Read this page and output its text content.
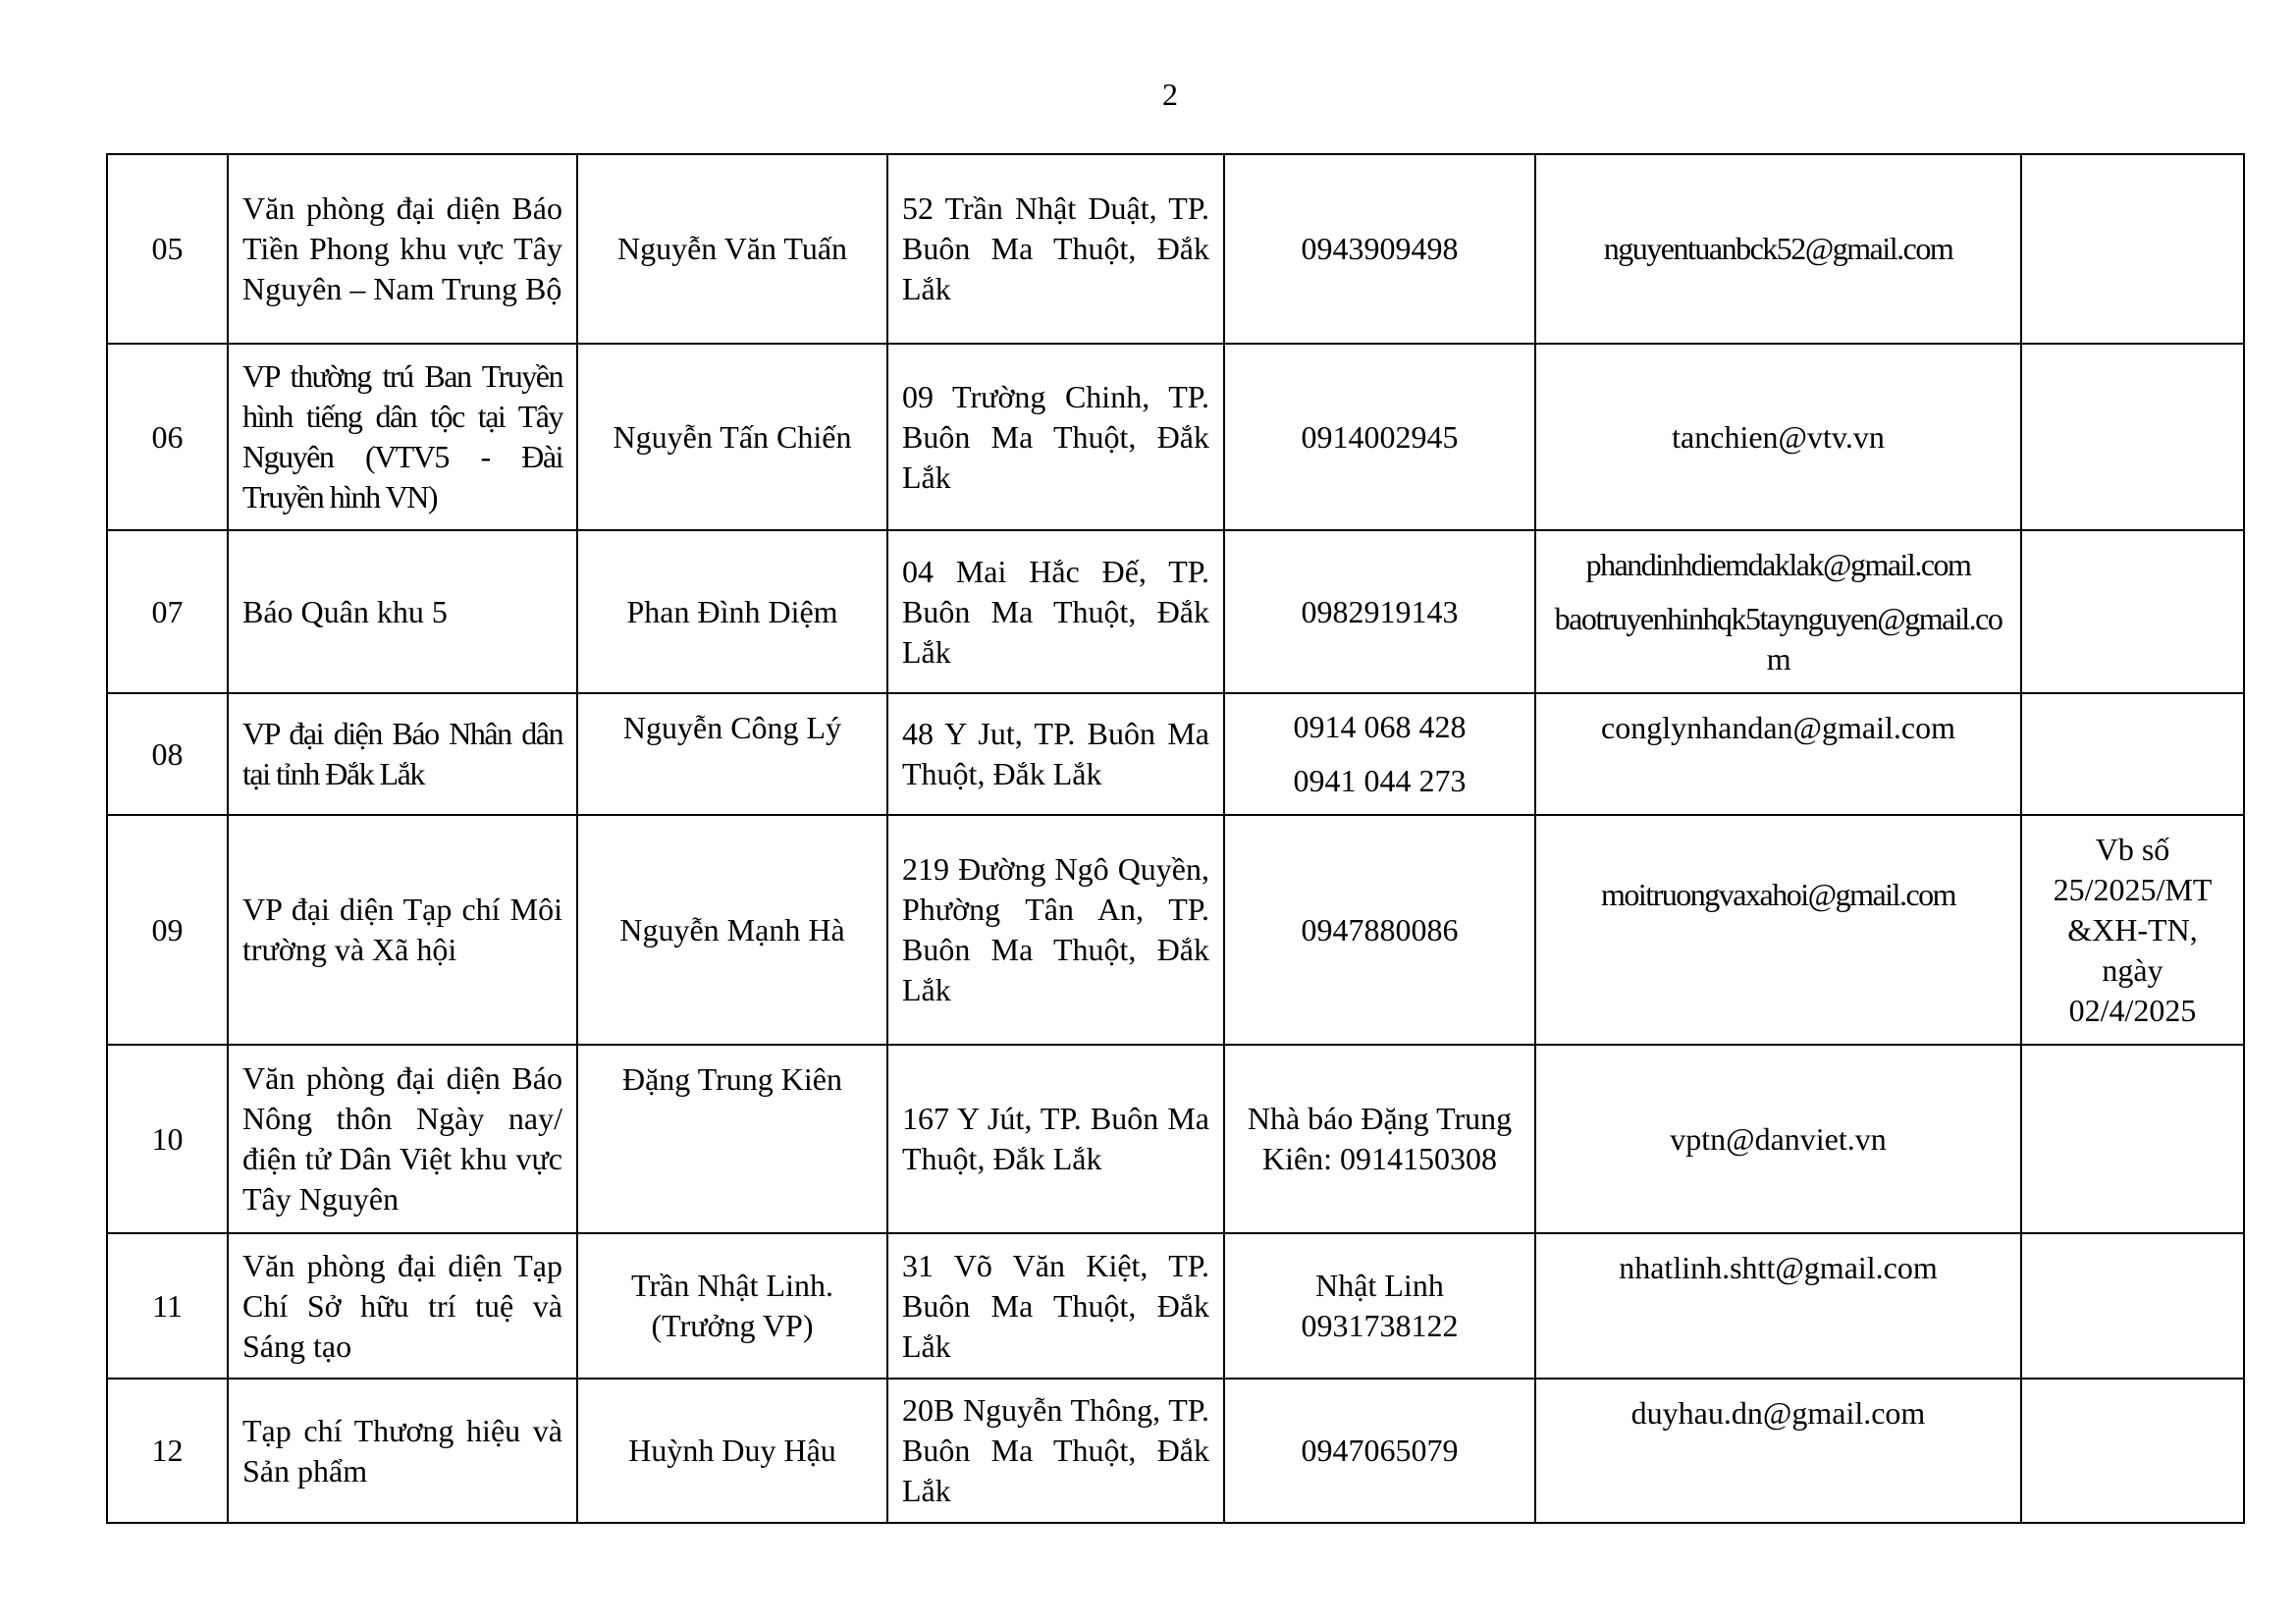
2
05	Văn phòng đại diện Báo Tiền Phong khu vực Tây Nguyên – Nam Trung Bộ	Nguyễn Văn Tuấn	52 Trần Nhật Duật, TP. Buôn Ma Thuột, Đắk Lắk	0943909498	nguyentuanbck52@gmail.com	

06	VP thường trú Ban Truyền hình tiếng dân tộc tại Tây Nguyên (VTV5 - Đài Truyền hình VN)	Nguyễn Tấn Chiến	09 Trường Chinh, TP. Buôn Ma Thuột, Đắk Lắk	0914002945	tanchien@vtv.vn	

07	Báo Quân khu 5	Phan Đình Diệm	04 Mai Hắc Đế, TP. Buôn Ma Thuột, Đắk Lắk	0982919143	phandinhdiemdaklak@gmail.com
baotruyenhinhqk5taynguyen@gmail.com	

08	VP đại diện Báo Nhân dân tại tỉnh Đắk Lắk	Nguyễn Công Lý	48 Y Jut, TP. Buôn Ma Thuột, Đắk Lắk	0914 068 428
0941 044 273	conglynhandan@gmail.com	

09	VP đại diện Tạp chí Môi trường và Xã hội	Nguyễn Mạnh Hà	219 Đường Ngô Quyền, Phường Tân An, TP. Buôn Ma Thuột, Đắk Lắk	0947880086	moitruongvaxahoi@gmail.com	Vb số 25/2025/MT &XH-TN, ngày 02/4/2025
10	Văn phòng đại diện Báo Nông thôn Ngày nay/ điện tử Dân Việt khu vực Tây Nguyên	Đặng Trung Kiên	167 Y Jút, TP. Buôn Ma Thuột, Đắk Lắk	Nhà báo Đặng Trung Kiên: 0914150308	vptn@danviet.vn	

11	Văn phòng đại diện Tạp Chí Sở hữu trí tuệ và Sáng tạo	Trần Nhật Linh. (Trưởng VP)	31 Võ Văn Kiệt, TP. Buôn Ma Thuột, Đắk Lắk	Nhật Linh 0931738122	nhatlinh.shtt@gmail.com	

12	Tạp chí Thương hiệu và Sản phẩm	Huỳnh Duy Hậu	20B Nguyễn Thông, TP. Buôn Ma Thuột, Đắk Lắk	0947065079	duyhau.dn@gmail.com	
